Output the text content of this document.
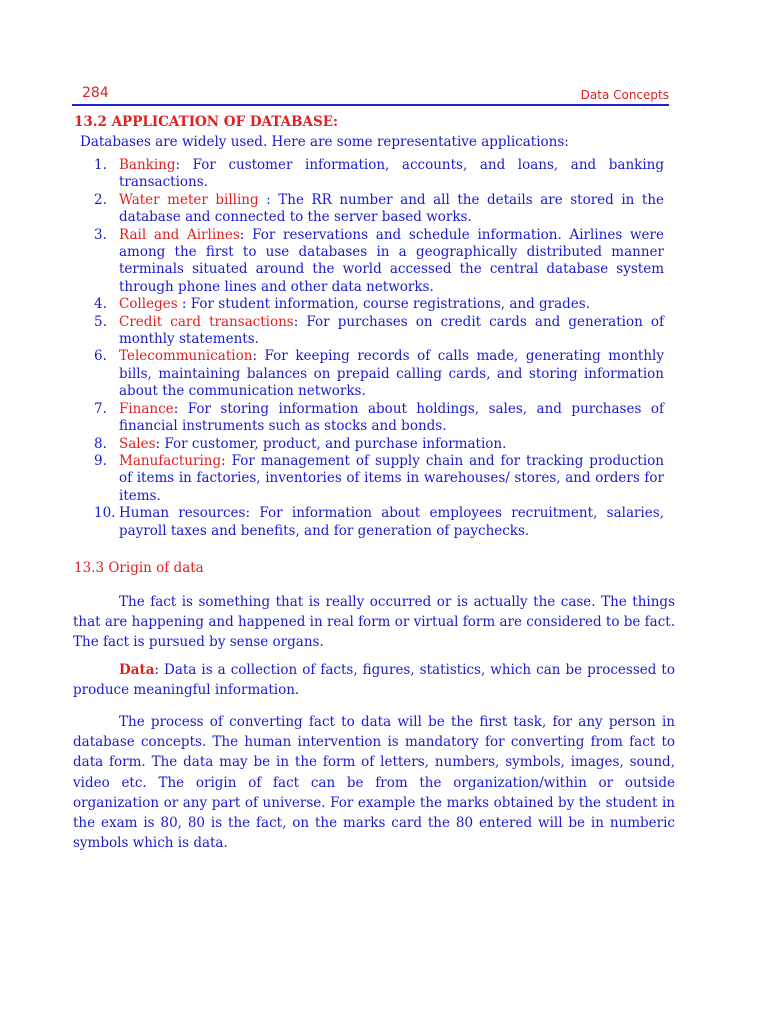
284	Data Concepts
13.2 APPLICATION OF DATABASE:
Databases are widely used. Here are some representative applications:
1. Banking: For customer information, accounts, and loans, and banking transactions.
2. Water meter billing : The RR number and all the details are stored in the database and connected to the server based works.
3. Rail and Airlines: For reservations and schedule information. Airlines were among the first to use databases in a geographically distributed manner terminals situated around the world accessed the central database system through phone lines and other data networks.
4. Colleges : For student information, course registrations, and grades.
5. Credit card transactions: For purchases on credit cards and generation of monthly statements.
6. Telecommunication: For keeping records of calls made, generating monthly bills, maintaining balances on prepaid calling cards, and storing information about the communication networks.
7. Finance: For storing information about holdings, sales, and purchases of financial instruments such as stocks and bonds.
8. Sales: For customer, product, and purchase information.
9. Manufacturing: For management of supply chain and for tracking production of items in factories, inventories of items in warehouses/ stores, and orders for items.
10. Human resources: For information about employees recruitment, salaries, payroll taxes and benefits, and for generation of paychecks.
13.3 Origin of data

The fact is something that is really occurred or is actually the case. The things that are happening and happened in real form or virtual form are considered to be fact. The fact is pursued by sense organs.

Data: Data is a collection of facts, figures, statistics, which can be processed to produce meaningful information.

The process of converting fact to data will be the first task, for any person in database concepts. The human intervention is mandatory for converting from fact to data form. The data may be in the form of letters, numbers, symbols, images, sound, video etc. The origin of fact can be from the organization/within or outside organization or any part of universe. For example the marks obtained by the student in the exam is 80, 80 is the fact, on the marks card the 80 entered will be in numberic symbols which is data.
